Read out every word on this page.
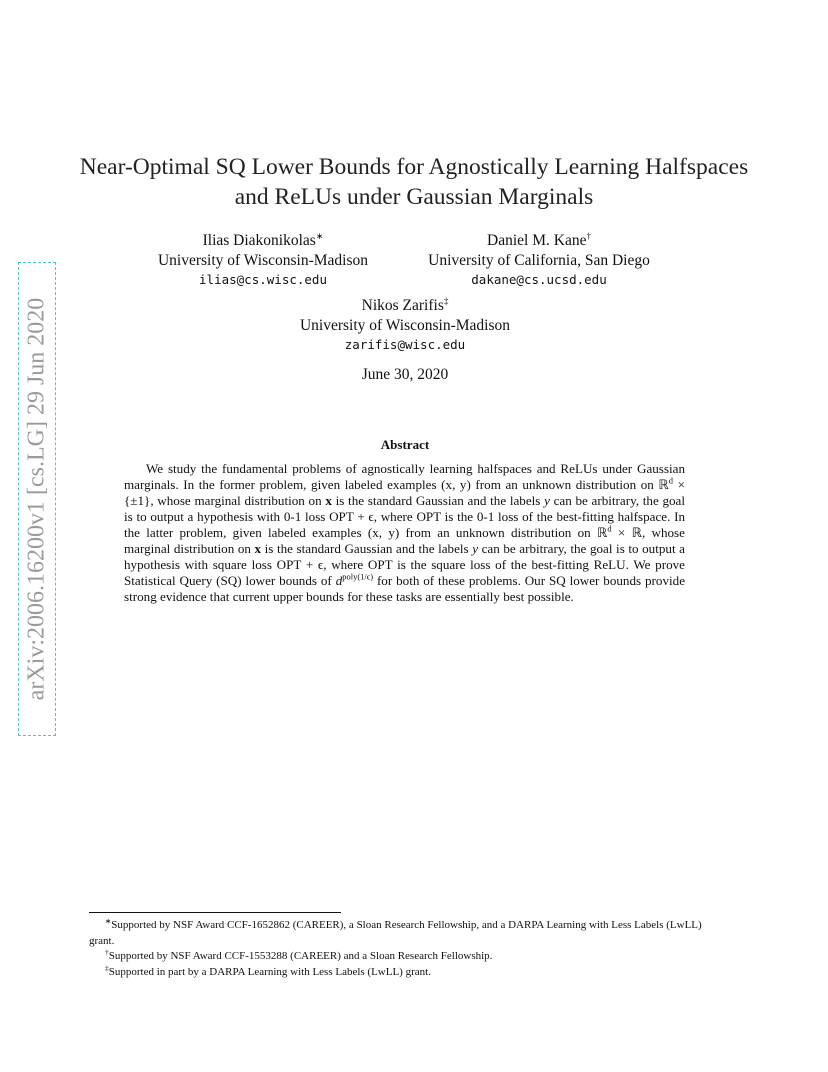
arXiv:2006.16200v1 [cs.LG] 29 Jun 2020
Near-Optimal SQ Lower Bounds for Agnostically Learning Halfspaces and ReLUs under Gaussian Marginals
Ilias Diakonikolas∗
University of Wisconsin-Madison
ilias@cs.wisc.edu
Daniel M. Kane†
University of California, San Diego
dakane@cs.ucsd.edu
Nikos Zarifis‡
University of Wisconsin-Madison
zarifis@wisc.edu
June 30, 2020
Abstract

We study the fundamental problems of agnostically learning halfspaces and ReLUs under Gaussian marginals. In the former problem, given labeled examples (x, y) from an unknown distribution on ℝ$^d$ × {±1}, whose marginal distribution on x is the standard Gaussian and the labels y can be arbitrary, the goal is to output a hypothesis with 0-1 loss OPT + ϵ, where OPT is the 0-1 loss of the best-fitting halfspace. In the latter problem, given labeled examples (x, y) from an unknown distribution on ℝ$^d$ × ℝ, whose marginal distribution on x is the standard Gaussian and the labels y can be arbitrary, the goal is to output a hypothesis with square loss OPT + ϵ, where OPT is the square loss of the best-fitting ReLU. We prove Statistical Query (SQ) lower bounds of $d^{poly(1/\epsilon)}$ for both of these problems. Our SQ lower bounds provide strong evidence that current upper bounds for these tasks are essentially best possible.

∗Supported by NSF Award CCF-1652862 (CAREER), a Sloan Research Fellowship, and a DARPA Learning with Less Labels (LwLL) grant.
†Supported by NSF Award CCF-1553288 (CAREER) and a Sloan Research Fellowship.
‡Supported in part by a DARPA Learning with Less Labels (LwLL) grant.
